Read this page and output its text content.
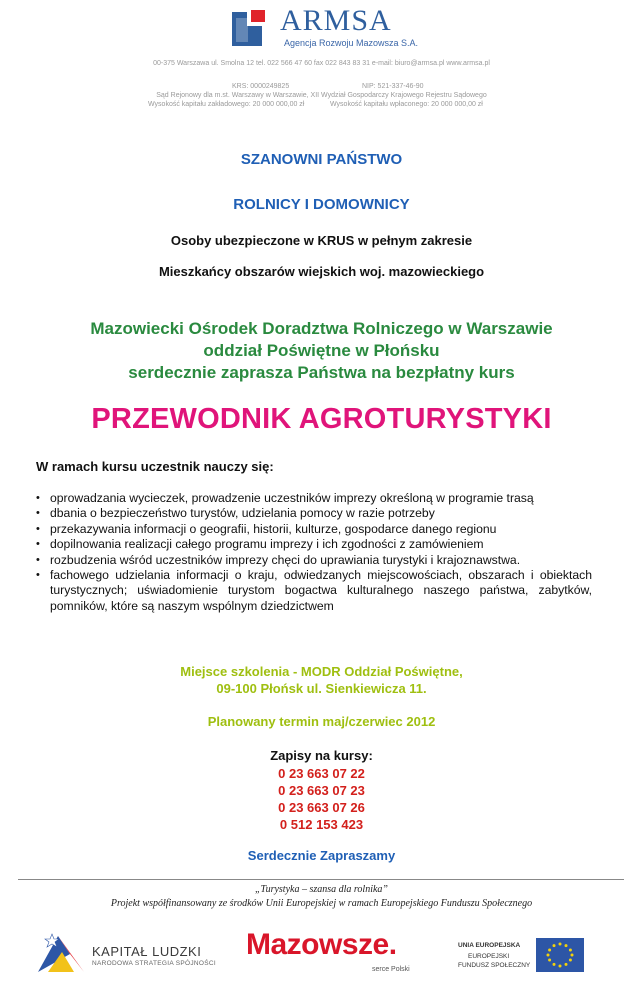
ARMSA
Agencja Rozwoju Mazowsza S.A.
00-375 Warszawa ul. Smolna 12 tel. 022 566 47 60 fax 022 843 83 31 e-mail: biuro@armsa.pl www.armsa.pl
KRS: 0000249825	NIP: 521-337-46-90
Sąd Rejonowy dla m.st. Warszawy w Warszawie, XII Wydział Gospodarczy Krajowego Rejestru Sądowego
Wysokość kapitału zakładowego: 20 000 000,00 zł	Wysokość kapitału wpłaconego: 20 000 000,00 zł
SZANOWNI PAŃSTWO
ROLNICY I DOMOWNICY
Osoby ubezpieczone w KRUS w pełnym zakresie
Mieszkańcy obszarów wiejskich woj. mazowieckiego
Mazowiecki Ośrodek Doradztwa Rolniczego w Warszawie
oddział Poświętne w Płońsku
serdecznie zaprasza Państwa na bezpłatny kurs
PRZEWODNIK AGROTURYSTYKI
W ramach kursu uczestnik nauczy się:
• oprowadzania wycieczek, prowadzenie uczestników imprezy określoną w programie trasą
• dbania o bezpieczeństwo turystów, udzielania pomocy w razie potrzeby
• przekazywania informacji o geografii, historii, kulturze, gospodarce danego regionu
• dopilnowania realizacji całego programu imprezy i ich zgodności z zamówieniem
• rozbudzenia wśród uczestników imprezy chęci do uprawiania turystyki i krajoznawstwa.
• fachowego udzielania informacji o kraju, odwiedzanych miejscowościach, obszarach i obiektach turystycznych; uświadomienie turystom bogactwa kulturalnego naszego państwa, zabytków, pomników, które są naszym wspólnym dziedzictwem
Miejsce szkolenia - MODR Oddział Poświętne,
09-100 Płońsk ul. Sienkiewicza 11.
Planowany termin maj/czerwiec 2012
Zapisy na kursy:
0 23 663 07 22
0 23 663 07 23
0 23 663 07 26
0 512 153 423
Serdecznie Zapraszamy
„Turystyka – szansa dla rolnika”
Projekt współfinansowany ze środków Unii Europejskiej w ramach Europejskiego Funduszu Społecznego
KAPITAŁ LUDZKI
NARODOWA STRATEGIA SPÓJNOŚCI
Mazowsze.
serce Polski
UNIA EUROPEJSKA
EUROPEJSKI
FUNDUSZ SPOŁECZNY
